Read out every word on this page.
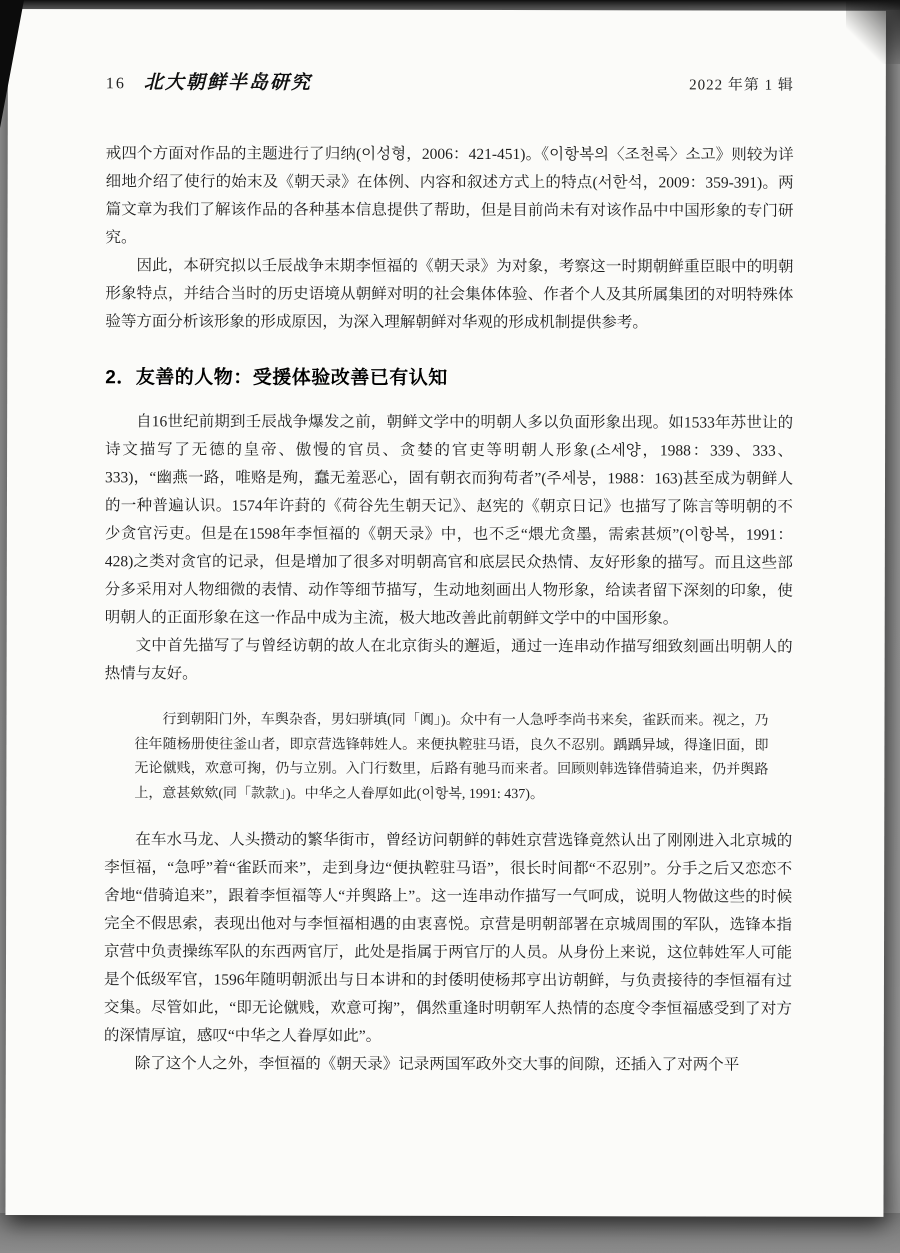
16 北大朝鲜半岛研究	2022 年第 1 辑

戒四个方面对作品的主题进行了归纳(이성형，2006：421-451)。《이항복의〈조천록〉소고》则较为详细地介绍了使行的始末及《朝天录》在体例、内容和叙述方式上的特点(서한석，2009：359-391)。两篇文章为我们了解该作品的各种基本信息提供了帮助，但是目前尚未有对该作品中中国形象的专门研究。

因此，本研究拟以壬辰战争末期李恒福的《朝天录》为对象，考察这一时期朝鲜重臣眼中的明朝形象特点，并结合当时的历史语境从朝鲜对明的社会集体体验、作者个人及其所属集团的对明特殊体验等方面分析该形象的形成原因，为深入理解朝鲜对华观的形成机制提供参考。

2．友善的人物：受援体验改善已有认知

自16世纪前期到壬辰战争爆发之前，朝鲜文学中的明朝人多以负面形象出现。如1533年苏世让的诗文描写了无德的皇帝、傲慢的官员、贪婪的官吏等明朝人形象(소세양，1988：339、333、333)，“幽燕一路，唯赂是殉，蠢无羞恶心，固有朝衣而狗苟者”(주세붕，1988：163)甚至成为朝鲜人的一种普遍认识。1574年许葑的《荷谷先生朝天记》、赵宪的《朝京日记》也描写了陈言等明朝的不少贪官污吏。但是在1598年李恒福的《朝天录》中，也不乏“煨尤贪墨，需索甚烦”(이항복，1991：428)之类对贪官的记录，但是增加了很多对明朝高官和底层民众热情、友好形象的描写。而且这些部分多采用对人物细微的表情、动作等细节描写，生动地刻画出人物形象，给读者留下深刻的印象，使明朝人的正面形象在这一作品中成为主流，极大地改善此前朝鲜文学中的中国形象。

文中首先描写了与曾经访朝的故人在北京街头的邂逅，通过一连串动作描写细致刻画出明朝人的热情与友好。

行到朝阳门外，车舆杂沓，男妇骈填(同「阗」)。众中有一人急呼李尚书来矣，雀跃而来。视之，乃往年随杨册使往釜山者，即京营选锋韩姓人。来便执鞚驻马语，良久不忍别。踽踽异域，得逢旧面，即无论僦贱，欢意可掬，仍与立别。入门行数里，后路有驰马而来者。回顾则韩选锋借骑追来，仍并舆路上，意甚欸欸(同「款款」)。中华之人眷厚如此(이항복, 1991: 437)。

在车水马龙、人头攒动的繁华街市，曾经访问朝鲜的韩姓京营选锋竟然认出了刚刚进入北京城的李恒福，“急呼”着“雀跃而来”，走到身边“便执鞚驻马语”，很长时间都“不忍别”。分手之后又恋恋不舍地“借骑追来”，跟着李恒福等人“并舆路上”。这一连串动作描写一气呵成，说明人物做这些的时候完全不假思索，表现出他对与李恒福相遇的由衷喜悦。京营是明朝部署在京城周围的军队，选锋本指京营中负责操练军队的东西两官厅，此处是指属于两官厅的人员。从身份上来说，这位韩姓军人可能是个低级军官，1596年随明朝派出与日本讲和的封倭明使杨邦亨出访朝鲜，与负责接待的李恒福有过交集。尽管如此，“即无论僦贱，欢意可掬”，偶然重逢时明朝军人热情的态度令李恒福感受到了对方的深情厚谊，感叹“中华之人眷厚如此”。

除了这个人之外，李恒福的《朝天录》记录两国军政外交大事的间隙，还插入了对两个平
